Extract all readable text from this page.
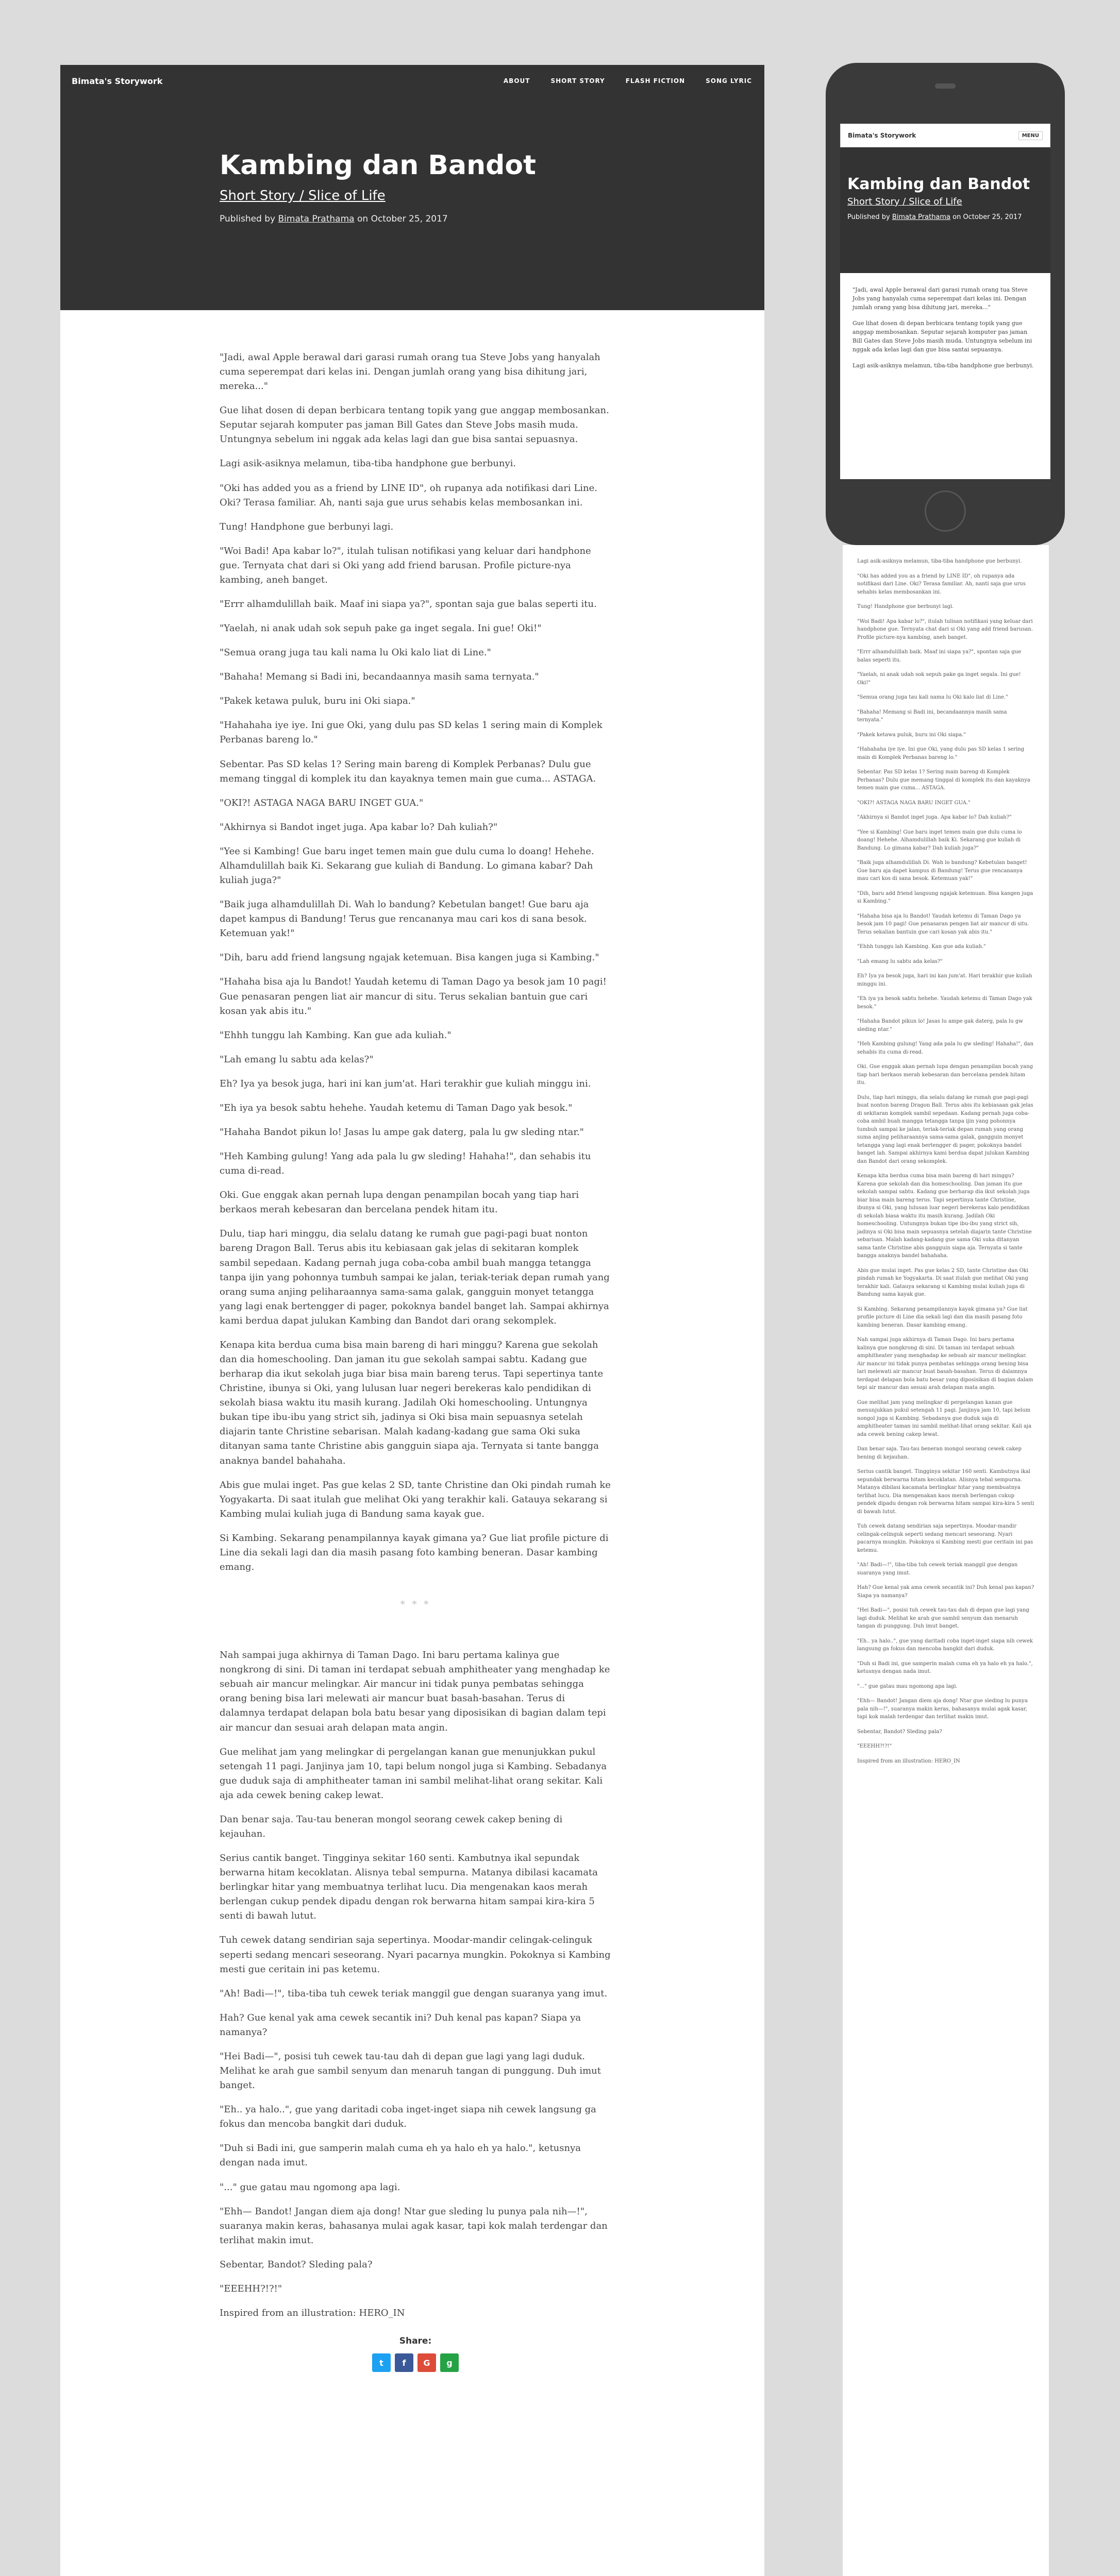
Bimata's Storywork	ABOUT	SHORT STORY	FLASH FICTION	SONG LYRIC
Kambing dan Bandot
Short Story / Slice of Life
Published by Bimata Prathama on October 25, 2017

"Jadi, awal Apple berawal dari garasi rumah orang tua Steve Jobs yang hanyalah cuma seperempat dari kelas ini. Dengan jumlah orang yang bisa dihitung jari, mereka..."

Gue lihat dosen di depan berbicara tentang topik yang gue anggap membosankan. Seputar sejarah komputer pas jaman Bill Gates dan Steve Jobs masih muda. Untungnya sebelum ini nggak ada kelas lagi dan gue bisa santai sepuasnya.

Lagi asik-asiknya melamun, tiba-tiba handphone gue berbunyi.

"Oki has added you as a friend by LINE ID", oh rupanya ada notifikasi dari Line. Oki? Terasa familiar. Ah, nanti saja gue urus sehabis kelas membosankan ini.

Tung! Handphone gue berbunyi lagi.

"Woi Badi! Apa kabar lo?", itulah tulisan notifikasi yang keluar dari handphone gue. Ternyata chat dari si Oki yang add friend barusan. Profile picture-nya kambing, aneh banget.

"Errr alhamdulillah baik. Maaf ini siapa ya?", spontan saja gue balas seperti itu.

"Yaelah, ni anak udah sok sepuh pake ga inget segala. Ini gue! Oki!"

"Semua orang juga tau kali nama lu Oki kalo liat di Line."

"Bahaha! Memang si Badi ini, becandaannya masih sama ternyata."

"Pakek ketawa puluk, buru ini Oki siapa."

"Hahahaha iye iye. Ini gue Oki, yang dulu pas SD kelas 1 sering main di Komplek Perbanas bareng lo."

Sebentar. Pas SD kelas 1? Sering main bareng di Komplek Perbanas? Dulu gue memang tinggal di komplek itu dan kayaknya temen main gue cuma... ASTAGA.

"OKI?! ASTAGA NAGA BARU INGET GUA."

"Akhirnya si Bandot inget juga. Apa kabar lo? Dah kuliah?"

"Yee si Kambing! Gue baru inget temen main gue dulu cuma lo doang! Hehehe. Alhamdulillah baik Ki. Sekarang gue kuliah di Bandung. Lo gimana kabar? Dah kuliah juga?"

"Baik juga alhamdulillah Di. Wah lo bandung? Kebetulan banget! Gue baru aja dapet kampus di Bandung! Terus gue rencananya mau cari kos di sana besok. Ketemuan yak!"

"Dih, baru add friend langsung ngajak ketemuan. Bisa kangen juga si Kambing."

"Hahaha bisa aja lu Bandot! Yaudah ketemu di Taman Dago ya besok jam 10 pagi! Gue penasaran pengen liat air mancur di situ. Terus sekalian bantuin gue cari kosan yak abis itu."

"Ehhh tunggu lah Kambing. Kan gue ada kuliah."

"Lah emang lu sabtu ada kelas?"

Eh? Iya ya besok juga, hari ini kan jum'at. Hari terakhir gue kuliah minggu ini.

"Eh iya ya besok sabtu hehehe. Yaudah ketemu di Taman Dago yak besok."

"Hahaha Bandot pikun lo! Jasas lu ampe gak daterg, pala lu gw sleding ntar."

"Heh Kambing gulung! Yang ada pala lu gw sleding! Hahaha!", dan sehabis itu cuma di-read.

Oki. Gue enggak akan pernah lupa dengan penampilan bocah yang tiap hari berkaos merah kebesaran dan bercelana pendek hitam itu.

Dulu, tiap hari minggu, dia selalu datang ke rumah gue pagi-pagi buat nonton bareng Dragon Ball. Terus abis itu kebiasaan gak jelas di sekitaran komplek sambil sepedaan. Kadang pernah juga coba-coba ambil buah mangga tetangga tanpa ijin yang pohonnya tumbuh sampai ke jalan, teriak-teriak depan rumah yang orang suma anjing peliharaannya sama-sama galak, gangguin monyet tetangga yang lagi enak bertengger di pager, pokoknya bandel banget lah. Sampai akhirnya kami berdua dapat julukan Kambing dan Bandot dari orang sekomplek.

Kenapa kita berdua cuma bisa main bareng di hari minggu? Karena gue sekolah dan dia homeschooling. Dan jaman itu gue sekolah sampai sabtu. Kadang gue berharap dia ikut sekolah juga biar bisa main bareng terus. Tapi sepertinya tante Christine, ibunya si Oki, yang lulusan luar negeri berekeras kalo pendidikan di sekolah biasa waktu itu masih kurang. Jadilah Oki homeschooling. Untungnya bukan tipe ibu-ibu yang strict sih, jadinya si Oki bisa main sepuasnya setelah diajarin tante Christine sebarisan. Malah kadang-kadang gue sama Oki suka ditanyan sama tante Christine abis gangguin siapa aja. Ternyata si tante bangga anaknya bandel bahahaha.

Abis gue mulai inget. Pas gue kelas 2 SD, tante Christine dan Oki pindah rumah ke Yogyakarta. Di saat itulah gue melihat Oki yang terakhir kali. Gatauya sekarang si Kambing mulai kuliah juga di Bandung sama kayak gue.

Si Kambing. Sekarang penampilannya kayak gimana ya? Gue liat profile picture di Line dia sekali lagi dan dia masih pasang foto kambing beneran. Dasar kambing emang.

* * *

Nah sampai juga akhirnya di Taman Dago. Ini baru pertama kalinya gue nongkrong di sini. Di taman ini terdapat sebuah amphitheater yang menghadap ke sebuah air mancur melingkar. Air mancur ini tidak punya pembatas sehingga orang bening bisa lari melewati air mancur buat basah-basahan. Terus di dalamnya terdapat delapan bola batu besar yang diposisikan di bagian dalam tepi air mancur dan sesuai arah delapan mata angin.

Gue melihat jam yang melingkar di pergelangan kanan gue menunjukkan pukul setengah 11 pagi. Janjinya jam 10, tapi belum nongol juga si Kambing. Sebadanya gue duduk saja di amphitheater taman ini sambil melihat-lihat orang sekitar. Kali aja ada cewek bening cakep lewat.

Dan benar saja. Tau-tau beneran mongol seorang cewek cakep bening di kejauhan.

Serius cantik banget. Tingginya sekitar 160 senti. Kambutnya ikal sepundak berwarna hitam kecoklatan. Alisnya tebal sempurna. Matanya dibilasi kacamata berlingkar hitar yang membuatnya terlihat lucu. Dia mengenakan kaos merah berlengan cukup pendek dipadu dengan rok berwarna hitam sampai kira-kira 5 senti di bawah lutut.

Tuh cewek datang sendirian saja sepertinya. Moodar-mandir celingak-celinguk seperti sedang mencari seseorang. Nyari pacarnya mungkin. Pokoknya si Kambing mesti gue ceritain ini pas ketemu.

"Ah! Badi—!", tiba-tiba tuh cewek teriak manggil gue dengan suaranya yang imut.

Hah? Gue kenal yak ama cewek secantik ini? Duh kenal pas kapan? Siapa ya namanya?

"Hei Badi—", posisi tuh cewek tau-tau dah di depan gue lagi yang lagi duduk. Melihat ke arah gue sambil senyum dan menaruh tangan di punggung. Duh imut banget.

"Eh.. ya halo..", gue yang daritadi coba inget-inget siapa nih cewek langsung ga fokus dan mencoba bangkit dari duduk.

"Duh si Badi ini, gue samperin malah cuma eh ya halo eh ya halo.", ketusnya dengan nada imut.

"..." gue gatau mau ngomong apa lagi.

"Ehh— Bandot! Jangan diem aja dong! Ntar gue sleding lu punya pala nih—!", suaranya makin keras, bahasanya mulai agak kasar, tapi kok malah terdengar dan terlihat makin imut.

Sebentar, Bandot? Sleding pala?

"EEEHH?!?!"

Inspired from an illustration: HERO_IN

Share:
t	f	G	g
Bimata's Storywork	MENU
Kambing dan Bandot
Short Story / Slice of Life
Published by Bimata Prathama on October 25, 2017

"Jadi, awal Apple berawal dari garasi rumah orang tua Steve Jobs yang hanyalah cuma seperempat dari kelas ini. Dengan jumlah orang yang bisa dihitung jari, mereka..."

Gue lihat dosen di depan berbicara tentang topik yang gue anggap membosankan. Seputar sejarah komputer pas jaman Bill Gates dan Steve Jobs masih muda. Untungnya sebelum ini nggak ada kelas lagi dan gue bisa santai sepuasnya.

Lagi asik-asiknya melamun, tiba-tiba handphone gue berbunyi.

Lagi asik-asiknya melamun, tiba-tiba handphone gue berbunyi.

"Oki has added you as a friend by LINE ID", oh rupanya ada notifikasi dari Line. Oki? Terasa familiar. Ah, nanti saja gue urus sehabis kelas membosankan ini.

Tung! Handphone gue berbunyi lagi.

"Woi Badi! Apa kabar lo?", itulah tulisan notifikasi yang keluar dari handphone gue. Ternyata chat dari si Oki yang add friend barusan. Profile picture-nya kambing, aneh banget.

"Errr alhamdulillah baik. Maaf ini siapa ya?", spontan saja gue balas seperti itu.

"Yaelah, ni anak udah sok sepuh pake ga inget segala. Ini gue! Oki!"

"Semua orang juga tau kali nama lu Oki kalo liat di Line."

"Bahaha! Memang si Badi ini, becandaannya masih sama ternyata."

"Pakek ketawa puluk, buru ini Oki siapa."

"Hahahaha iye iye. Ini gue Oki, yang dulu pas SD kelas 1 sering main di Komplek Perbanas bareng lo."

Sebentar. Pas SD kelas 1? Sering main bareng di Komplek Perbanas? Dulu gue memang tinggal di komplek itu dan kayaknya temen main gue cuma... ASTAGA.

"OKI?! ASTAGA NAGA BARU INGET GUA."

"Akhirnya si Bandot inget juga. Apa kabar lo? Dah kuliah?"

"Yee si Kambing! Gue baru inget temen main gue dulu cuma lo doang! Hehehe. Alhamdulillah baik Ki. Sekarang gue kuliah di Bandung. Lo gimana kabar? Dah kuliah juga?"

"Baik juga alhamdulillah Di. Wah lo bandung? Kebetulan banget! Gue baru aja dapet kampus di Bandung! Terus gue rencananya mau cari kos di sana besok. Ketemuan yak!"

"Dih, baru add friend langsung ngajak ketemuan. Bisa kangen juga si Kambing."

"Hahaha bisa aja lu Bandot! Yaudah ketemu di Taman Dago ya besok jam 10 pagi! Gue penasaran pengen liat air mancur di situ. Terus sekalian bantuin gue cari kosan yak abis itu."

"Ehhh tunggu lah Kambing. Kan gue ada kuliah."

"Lah emang lu sabtu ada kelas?"

Eh? Iya ya besok juga, hari ini kan jum'at. Hari terakhir gue kuliah minggu ini.

"Eh iya ya besok sabtu hehehe. Yaudah ketemu di Taman Dago yak besok."

"Hahaha Bandot pikun lo! Jasas lu ampe gak daterg, pala lu gw sleding ntar."

"Heh Kambing gulung! Yang ada pala lu gw sleding! Hahaha!", dan sehabis itu cuma di-read.

Oki. Gue enggak akan pernah lupa dengan penampilan bocah yang tiap hari berkaos merah kebesaran dan bercelana pendek hitam itu.

Dulu, tiap hari minggu, dia selalu datang ke rumah gue pagi-pagi buat nonton bareng Dragon Ball. Terus abis itu kebiasaan gak jelas di sekitaran komplek sambil sepedaan. Kadang pernah juga coba-coba ambil buah mangga tetangga tanpa ijin yang pohonnya tumbuh sampai ke jalan, teriak-teriak depan rumah yang orang suma anjing peliharaannya sama-sama galak, gangguin monyet tetangga yang lagi enak bertengger di pager, pokoknya bandel banget lah. Sampai akhirnya kami berdua dapat julukan Kambing dan Bandot dari orang sekomplek.

Kenapa kita berdua cuma bisa main bareng di hari minggu? Karena gue sekolah dan dia homeschooling. Dan jaman itu gue sekolah sampai sabtu. Kadang gue berharap dia ikut sekolah juga biar bisa main bareng terus. Tapi sepertinya tante Christine, ibunya si Oki, yang lulusan luar negeri berekeras kalo pendidikan di sekolah biasa waktu itu masih kurang. Jadilah Oki homeschooling. Untungnya bukan tipe ibu-ibu yang strict sih, jadinya si Oki bisa main sepuasnya setelah diajarin tante Christine sebarisan. Malah kadang-kadang gue sama Oki suka ditanyan sama tante Christine abis gangguin siapa aja. Ternyata si tante bangga anaknya bandel bahahaha.

Abis gue mulai inget. Pas gue kelas 2 SD, tante Christine dan Oki pindah rumah ke Yogyakarta. Di saat itulah gue melihat Oki yang terakhir kali. Gatauya sekarang si Kambing mulai kuliah juga di Bandung sama kayak gue.

Si Kambing. Sekarang penampilannya kayak gimana ya? Gue liat profile picture di Line dia sekali lagi dan dia masih pasang foto kambing beneran. Dasar kambing emang.

Nah sampai juga akhirnya di Taman Dago. Ini baru pertama kalinya gue nongkrong di sini. Di taman ini terdapat sebuah amphitheater yang menghadap ke sebuah air mancur melingkar. Air mancur ini tidak punya pembatas sehingga orang bening bisa lari melewati air mancur buat basah-basahan. Terus di dalamnya terdapat delapan bola batu besar yang diposisikan di bagian dalam tepi air mancur dan sesuai arah delapan mata angin.

Gue melihat jam yang melingkar di pergelangan kanan gue menunjukkan pukul setengah 11 pagi. Janjinya jam 10, tapi belum nongol juga si Kambing. Sebadanya gue duduk saja di amphitheater taman ini sambil melihat-lihat orang sekitar. Kali aja ada cewek bening cakep lewat.

Dan benar saja. Tau-tau beneran mongol seorang cewek cakep bening di kejauhan.

Serius cantik banget. Tingginya sekitar 160 senti. Kambutnya ikal sepundak berwarna hitam kecoklatan. Alisnya tebal sempurna. Matanya dibilasi kacamata berlingkar hitar yang membuatnya terlihat lucu. Dia mengenakan kaos merah berlengan cukup pendek dipadu dengan rok berwarna hitam sampai kira-kira 5 senti di bawah lutut.

Tuh cewek datang sendirian saja sepertinya. Moodar-mandir celingak-celinguk seperti sedang mencari seseorang. Nyari pacarnya mungkin. Pokoknya si Kambing mesti gue ceritain ini pas ketemu.

"Ah! Badi—!", tiba-tiba tuh cewek teriak manggil gue dengan suaranya yang imut.

Hah? Gue kenal yak ama cewek secantik ini? Duh kenal pas kapan? Siapa ya namanya?

"Hei Badi—", posisi tuh cewek tau-tau dah di depan gue lagi yang lagi duduk. Melihat ke arah gue sambil senyum dan menaruh tangan di punggung. Duh imut banget.

"Eh.. ya halo..", gue yang daritadi coba inget-inget siapa nih cewek langsung ga fokus dan mencoba bangkit dari duduk.

"Duh si Badi ini, gue samperin malah cuma eh ya halo eh ya halo.", ketusnya dengan nada imut.

"..." gue gatau mau ngomong apa lagi.

"Ehh— Bandot! Jangan diem aja dong! Ntar gue sleding lu punya pala nih—!", suaranya makin keras, bahasanya mulai agak kasar, tapi kok malah terdengar dan terlihat makin imut.

Sebentar, Bandot? Sleding pala?

"EEEHH?!?!"

Inspired from an illustration: HERO_IN
